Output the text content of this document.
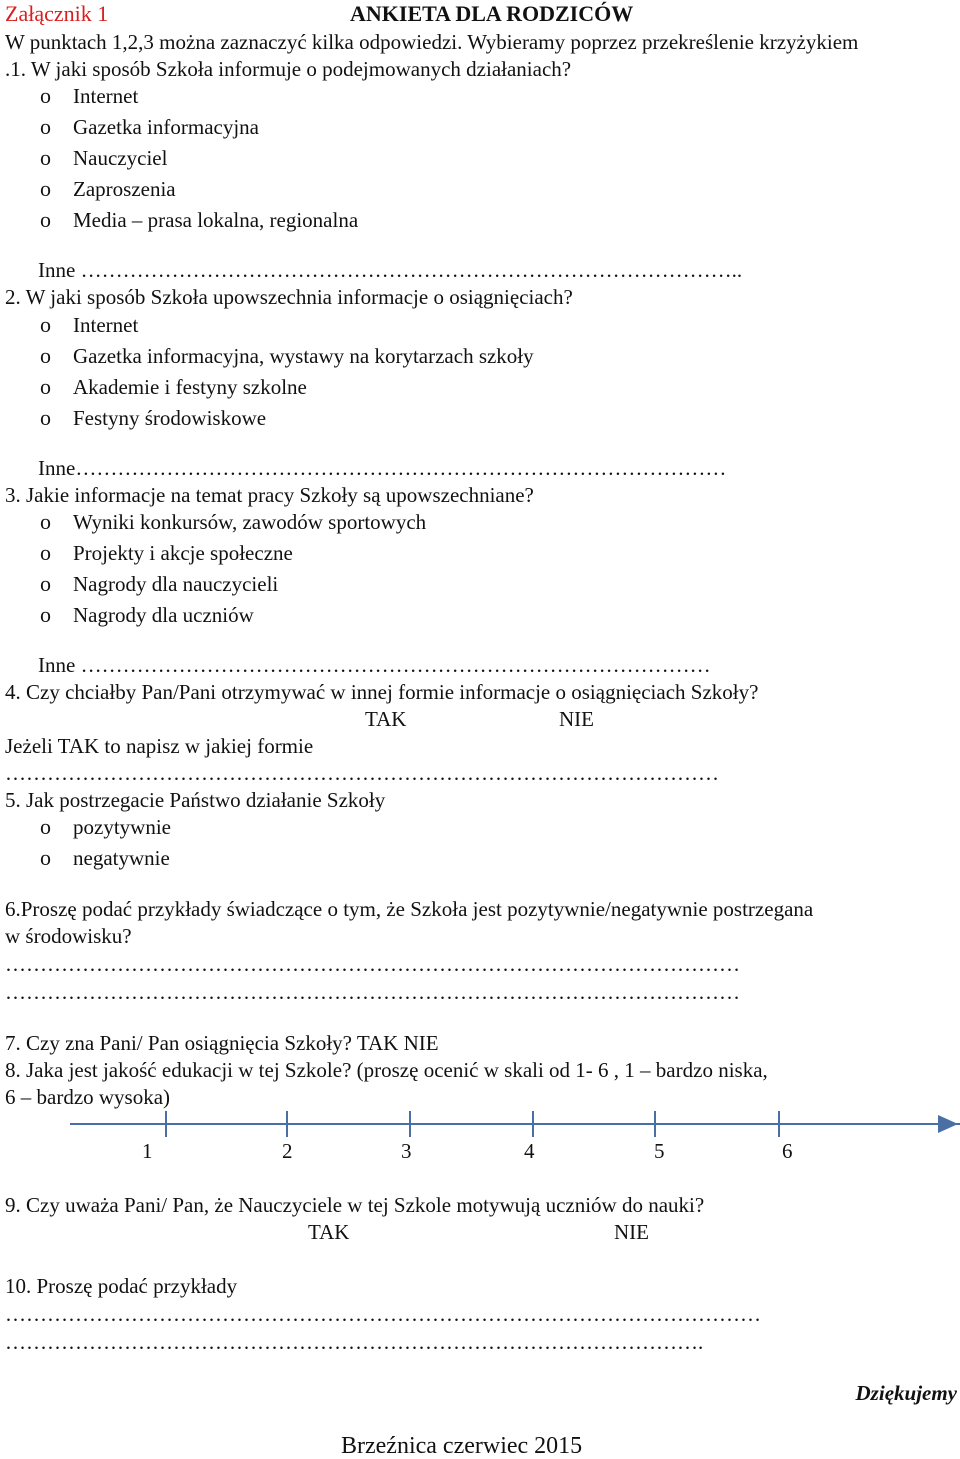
Załącznik 1	ANKIETA DLA RODZICÓW
W punktach 1,2,3 można zaznaczyć kilka odpowiedzi. Wybieramy poprzez przekreślenie krzyżykiem
.1. W jaki sposób Szkoła informuje o podejmowanych działaniach?
o Internet
o Gazetka informacyjna
o Nauczyciel
o Zaproszenia
o Media – prasa lokalna, regionalna
Inne …………………………………………………………………………………..
2. W jaki sposób Szkoła upowszechnia informacje o osiągnięciach?
o Internet
o Gazetka informacyjna, wystawy na korytarzach szkoły
o Akademie i festyny szkolne
o Festyny środowiskowe
Inne…………………………………………………………………………………
3. Jakie informacje na temat pracy Szkoły są upowszechniane?
o Wyniki konkursów, zawodów sportowych
o Projekty i akcje społeczne
o Nagrody dla nauczycieli
o Nagrody dla uczniów
Inne ………………………………………………………………………………
4. Czy chciałby Pan/Pani otrzymywać w innej formie informacje o osiągnięciach Szkoły?
TAK	NIE
Jeżeli TAK to napisz w jakiej formie
…………………………………………………………………………………………
5. Jak postrzegacie Państwo działanie Szkoły
o pozytywnie
o negatywnie
6.Proszę podać przykłady świadczące o tym, że Szkoła jest pozytywnie/negatywnie postrzegana
w środowisku?
……………………………………………………………………………………………
……………………………………………………………………………………………
7. Czy zna Pani/ Pan osiągnięcia Szkoły? TAK NIE
8. Jaka jest jakość edukacji w tej Szkole? (proszę ocenić w skali od 1- 6 , 1 – bardzo niska,
6 – bardzo wysoka)
1	2	3	4	5	6
9. Czy uważa Pani/ Pan, że Nauczyciele w tej Szkole motywują uczniów do nauki?
TAK	NIE
10. Proszę podać przykłady
………………………………………………………………………………………………
……………………………………………………………………………………….
Dziękujemy
Brzeźnica czerwiec 2015
